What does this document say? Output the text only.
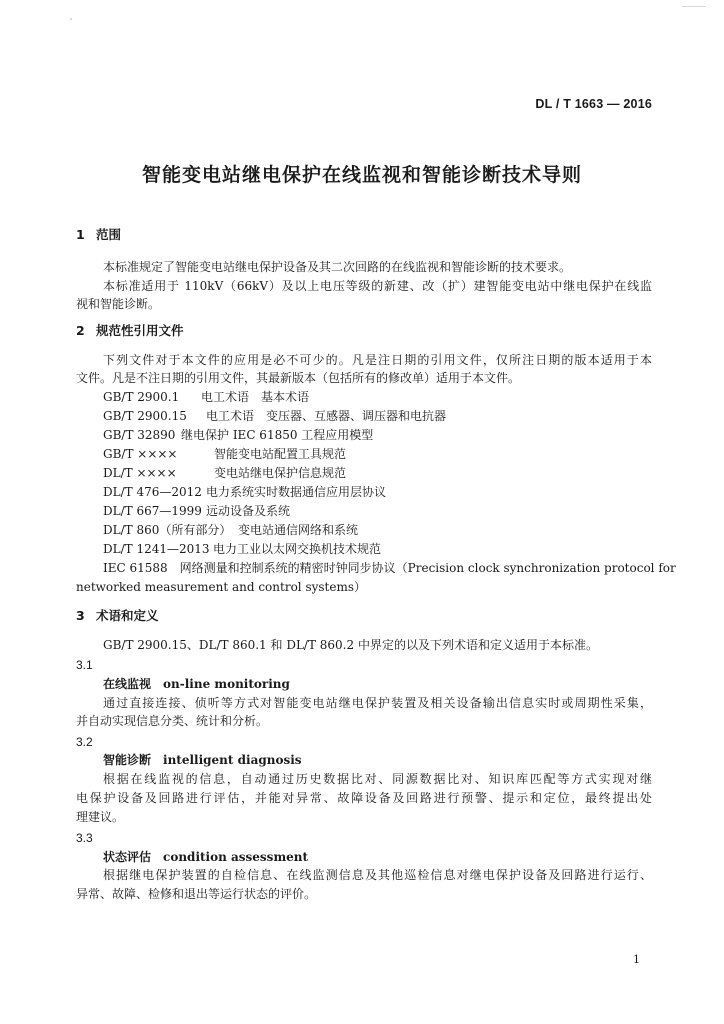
DL / T 1663 — 2016
智能变电站继电保护在线监视和智能诊断技术导则
1 范围
本标准规定了智能变电站继电保护设备及其二次回路的在线监视和智能诊断的技术要求。
本标准适用于 110kV（66kV）及以上电压等级的新建、改（扩）建智能变电站中继电保护在线监
视和智能诊断。
2 规范性引用文件
下列文件对于本文件的应用是必不可少的。凡是注日期的引用文件，仅所注日期的版本适用于本
文件。凡是不注日期的引用文件，其最新版本（包括所有的修改单）适用于本文件。
GB/T 2900.1 电工术语　基本术语
GB/T 2900.15 电工术语　变压器、互感器、调压器和电抗器
GB/T 32890 继电保护 IEC 61850 工程应用模型
GB/T ××××	智能变电站配置工具规范
DL/T ××××	变电站继电保护信息规范
DL/T 476—2012 电力系统实时数据通信应用层协议
DL/T 667—1999 远动设备及系统
DL/T 860（所有部分） 变电站通信网络和系统
DL/T 1241—2013 电力工业以太网交换机技术规范
IEC 61588　网络测量和控制系统的精密时钟同步协议（Precision clock synchronization protocol for
networked measurement and control systems）
3 术语和定义
GB/T 2900.15、DL/T 860.1 和 DL/T 860.2 中界定的以及下列术语和定义适用于本标准。
3.1
在线监视 on-line monitoring
通过直接连接、侦听等方式对智能变电站继电保护装置及相关设备输出信息实时或周期性采集，
并自动实现信息分类、统计和分析。
3.2
智能诊断 intelligent diagnosis
根据在线监视的信息，自动通过历史数据比对、同源数据比对、知识库匹配等方式实现对继
电保护设备及回路进行评估，并能对异常、故障设备及回路进行预警、提示和定位，最终提出处
理建议。
3.3
状态评估 condition assessment
根据继电保护装置的自检信息、在线监测信息及其他巡检信息对继电保护设备及回路进行运行、
异常、故障、检修和退出等运行状态的评价。
1
